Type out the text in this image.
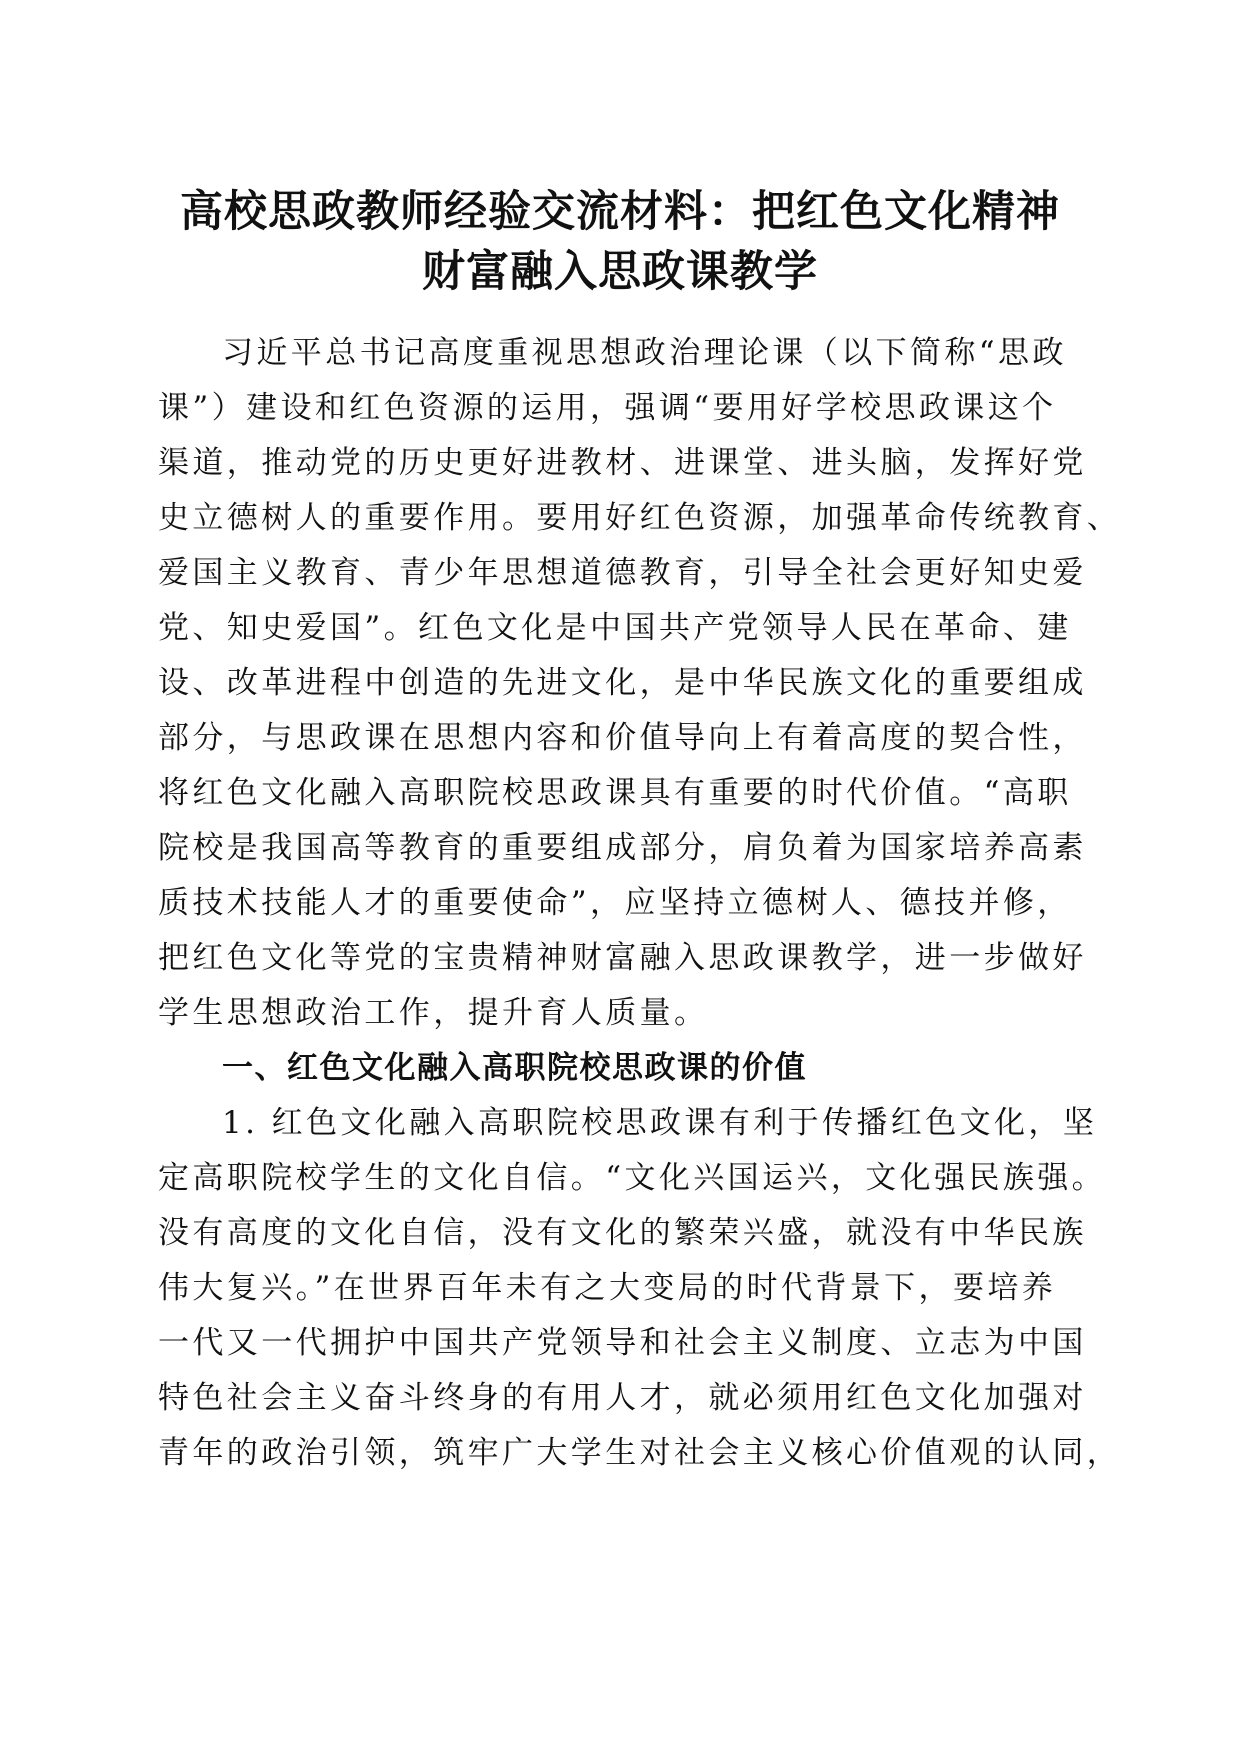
高校思政教师经验交流材料：把红色文化精神
财富融入思政课教学
习近平总书记高度重视思想政治理论课（以下简称“思政
课”）建设和红色资源的运用，强调“要用好学校思政课这个
渠道，推动党的历史更好进教材、进课堂、进头脑，发挥好党
史立德树人的重要作用。要用好红色资源，加强革命传统教育、
爱国主义教育、青少年思想道德教育，引导全社会更好知史爱
党、知史爱国”。红色文化是中国共产党领导人民在革命、建
设、改革进程中创造的先进文化，是中华民族文化的重要组成
部分，与思政课在思想内容和价值导向上有着高度的契合性，
将红色文化融入高职院校思政课具有重要的时代价值。“高职
院校是我国高等教育的重要组成部分，肩负着为国家培养高素
质技术技能人才的重要使命”，应坚持立德树人、德技并修，
把红色文化等党的宝贵精神财富融入思政课教学，进一步做好
学生思想政治工作，提升育人质量。
一、红色文化融入高职院校思政课的价值
1. 红色文化融入高职院校思政课有利于传播红色文化，坚
定高职院校学生的文化自信。“文化兴国运兴，文化强民族强。
没有高度的文化自信，没有文化的繁荣兴盛，就没有中华民族
伟大复兴。”在世界百年未有之大变局的时代背景下，要培养
一代又一代拥护中国共产党领导和社会主义制度、立志为中国
特色社会主义奋斗终身的有用人才，就必须用红色文化加强对
青年的政治引领，筑牢广大学生对社会主义核心价值观的认同，
